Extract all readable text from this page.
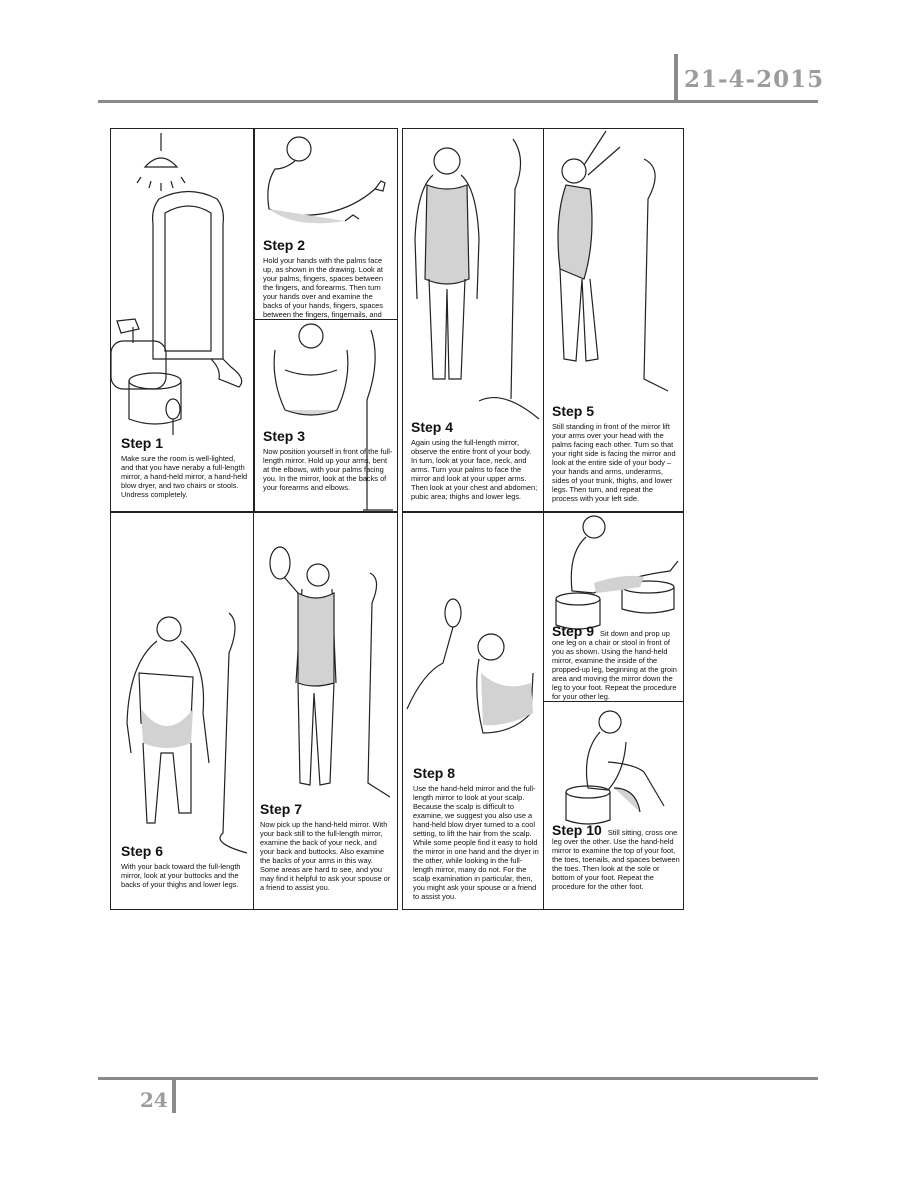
21-4-2015
24
Step 1
Make sure the room is well-lighted, and that you have neraby a full-length mirror, a hand-held mirror, a hand-held blow dryer, and two chairs or stools. Undress completely.
Step 2
Hold your hands with the palms face up, as shown in the drawing. Look at your palms, fingers, spaces between the fingers, and forearms. Then turn your hands over and examine the backs of your hands, fingers, spaces between the fingers, fingernails, and
Step 3
Now position yourself in front of the full-length mirror. Hold up your arms, bent at the elbows, with your palms facing you. In the mirror, look at the backs of your forearms and elbows.
Step 4
Again using the full-length mirror, observe the entire front of your body. In turn, look at your face, neck, and arms. Turn your palms to face the mirror and look at your upper arms. Then look at your chest and abdomen; pubic area; thighs and lower legs.
Step 5
Still standing in front of the mirror lift your arms over your head with the palms facing each other. Turn so that your right side is facing the mirror and look at the entire side of your body – your hands and arms, underarms, sides of your trunk, thighs, and lower legs. Then turn, and repeat the process with your left side.
Step 6
With your back toward the full-length mirror, look at your buttocks and the backs of your thighs and lower legs.
Step 7
Now pick up the hand-held mirror. With your back still to the full-length mirror, examine the back of your neck, and your back and buttocks. Also examine the backs of your arms in this way. Some areas are hard to see, and you may find it helpful to ask your spouse or a friend to assist you.
Step 8
Use the hand-held mirror and the full-length mirror to look at your scalp. Because the scalp is difficult to examine, we suggest you also use a hand-held blow dryer turned to a cool setting, to lift the hair from the scalp. While some people find it easy to hold the mirror in one hand and the dryer in the other, while looking in the full-length mirror, many do not. For the scalp examination in particular, then, you might ask your spouse or a friend to assist you.
Step 9 Sit down and prop up one leg on a chair or stool in front of you as shown. Using the hand-held mirror, examine the inside of the propped-up leg, beginning at the groin area and moving the mirror down the leg to your foot. Repeat the procedure for your other leg.
Step 10 Still sitting, cross one leg over the other. Use the hand-held mirror to examine the top of your foot, the toes, toenails, and spaces between the toes. Then look at the sole or bottom of your foot. Repeat the procedure for the other foot.
